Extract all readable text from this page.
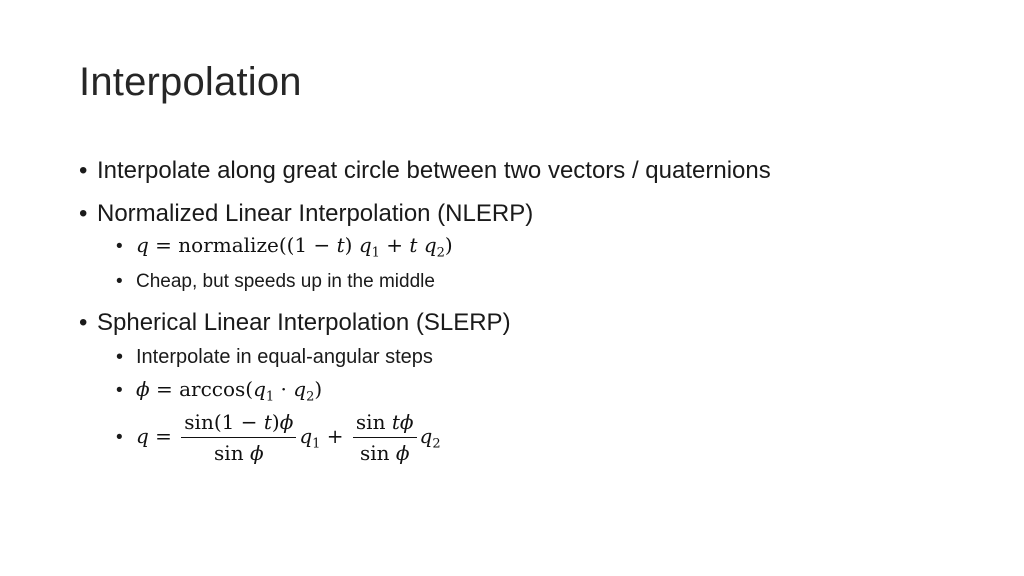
Interpolation
• Interpolate along great circle between two vectors / quaternions
• Normalized Linear Interpolation (NLERP)
• q = normalize((1 − t) $q_1 + t$ $q_2$)
• Cheap, but speeds up in the middle
• Spherical Linear Interpolation (SLERP)
• Interpolate in equal-angular steps
• $\phi = \arccos(q_1 \cdot q_2)$
• $q = \frac{\sin(1 - t)\phi}{\text{sin ϕ}} q_1 + \frac{\text{sin tϕ}}{\text{sin ϕ}} q_2$
